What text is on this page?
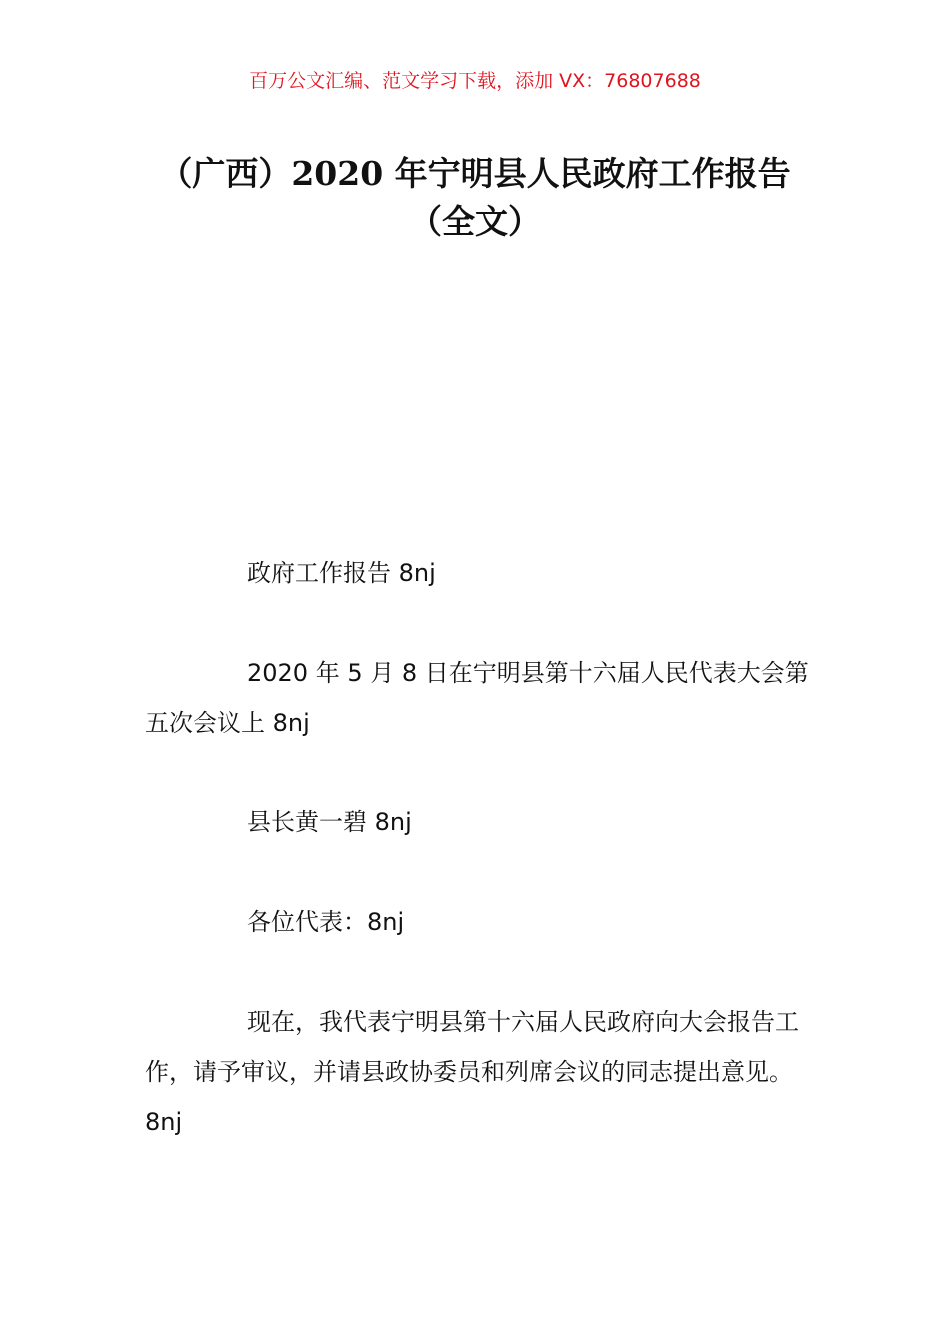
百万公文汇编、范文学习下载，添加 VX：76807688
（广西）2020 年宁明县人民政府工作报告
（全文）

政府工作报告 8nj

2020 年 5 月 8 日在宁明县第十六届人民代表大会第五次会议上 8nj

县长黄一碧 8nj

各位代表：8nj

现在，我代表宁明县第十六届人民政府向大会报告工作，请予审议，并请县政协委员和列席会议的同志提出意见。8nj
